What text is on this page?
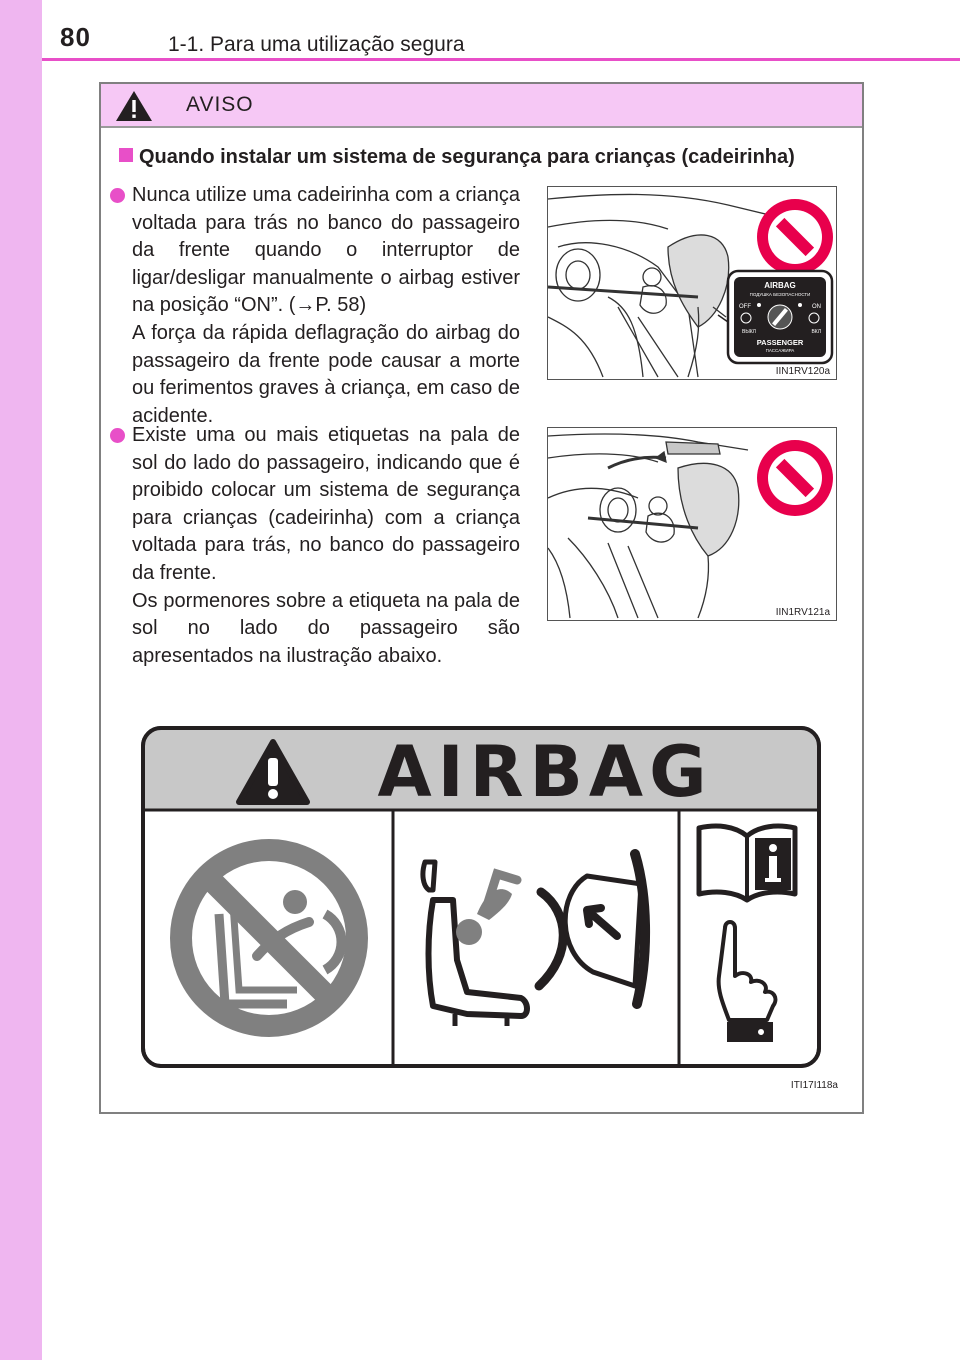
80	1-1. Para uma utilização segura
AVISO
Quando instalar um sistema de segurança para crianças (cadeirinha)

Nunca utilize uma cadeirinha com a criança voltada para trás no banco do passageiro da frente quando o interruptor de ligar/desligar manualmente o airbag estiver na posição “ON”. (→P. 58)

A força da rápida deflagração do airbag do passageiro da frente pode causar a morte ou ferimentos graves à criança, em caso de acidente.

AIRBAG
ПОДУШКА БЕЗОПАСНОСТИ
OFF	ON
ВЫКЛ	ВКЛ
PASSENGER
ПАССАЖИРА
IIN1RV120a

Existe uma ou mais etiquetas na pala de sol do lado do passageiro, indicando que é proibido colocar um sistema de segurança para crianças (cadeirinha) com a criança voltada para trás, no banco do passageiro da frente.

Os pormenores sobre a etiqueta na pala de sol no lado do passageiro são apresentados na ilustração abaixo.

IIN1RV121a
AIRBAG
ITI17I118a
